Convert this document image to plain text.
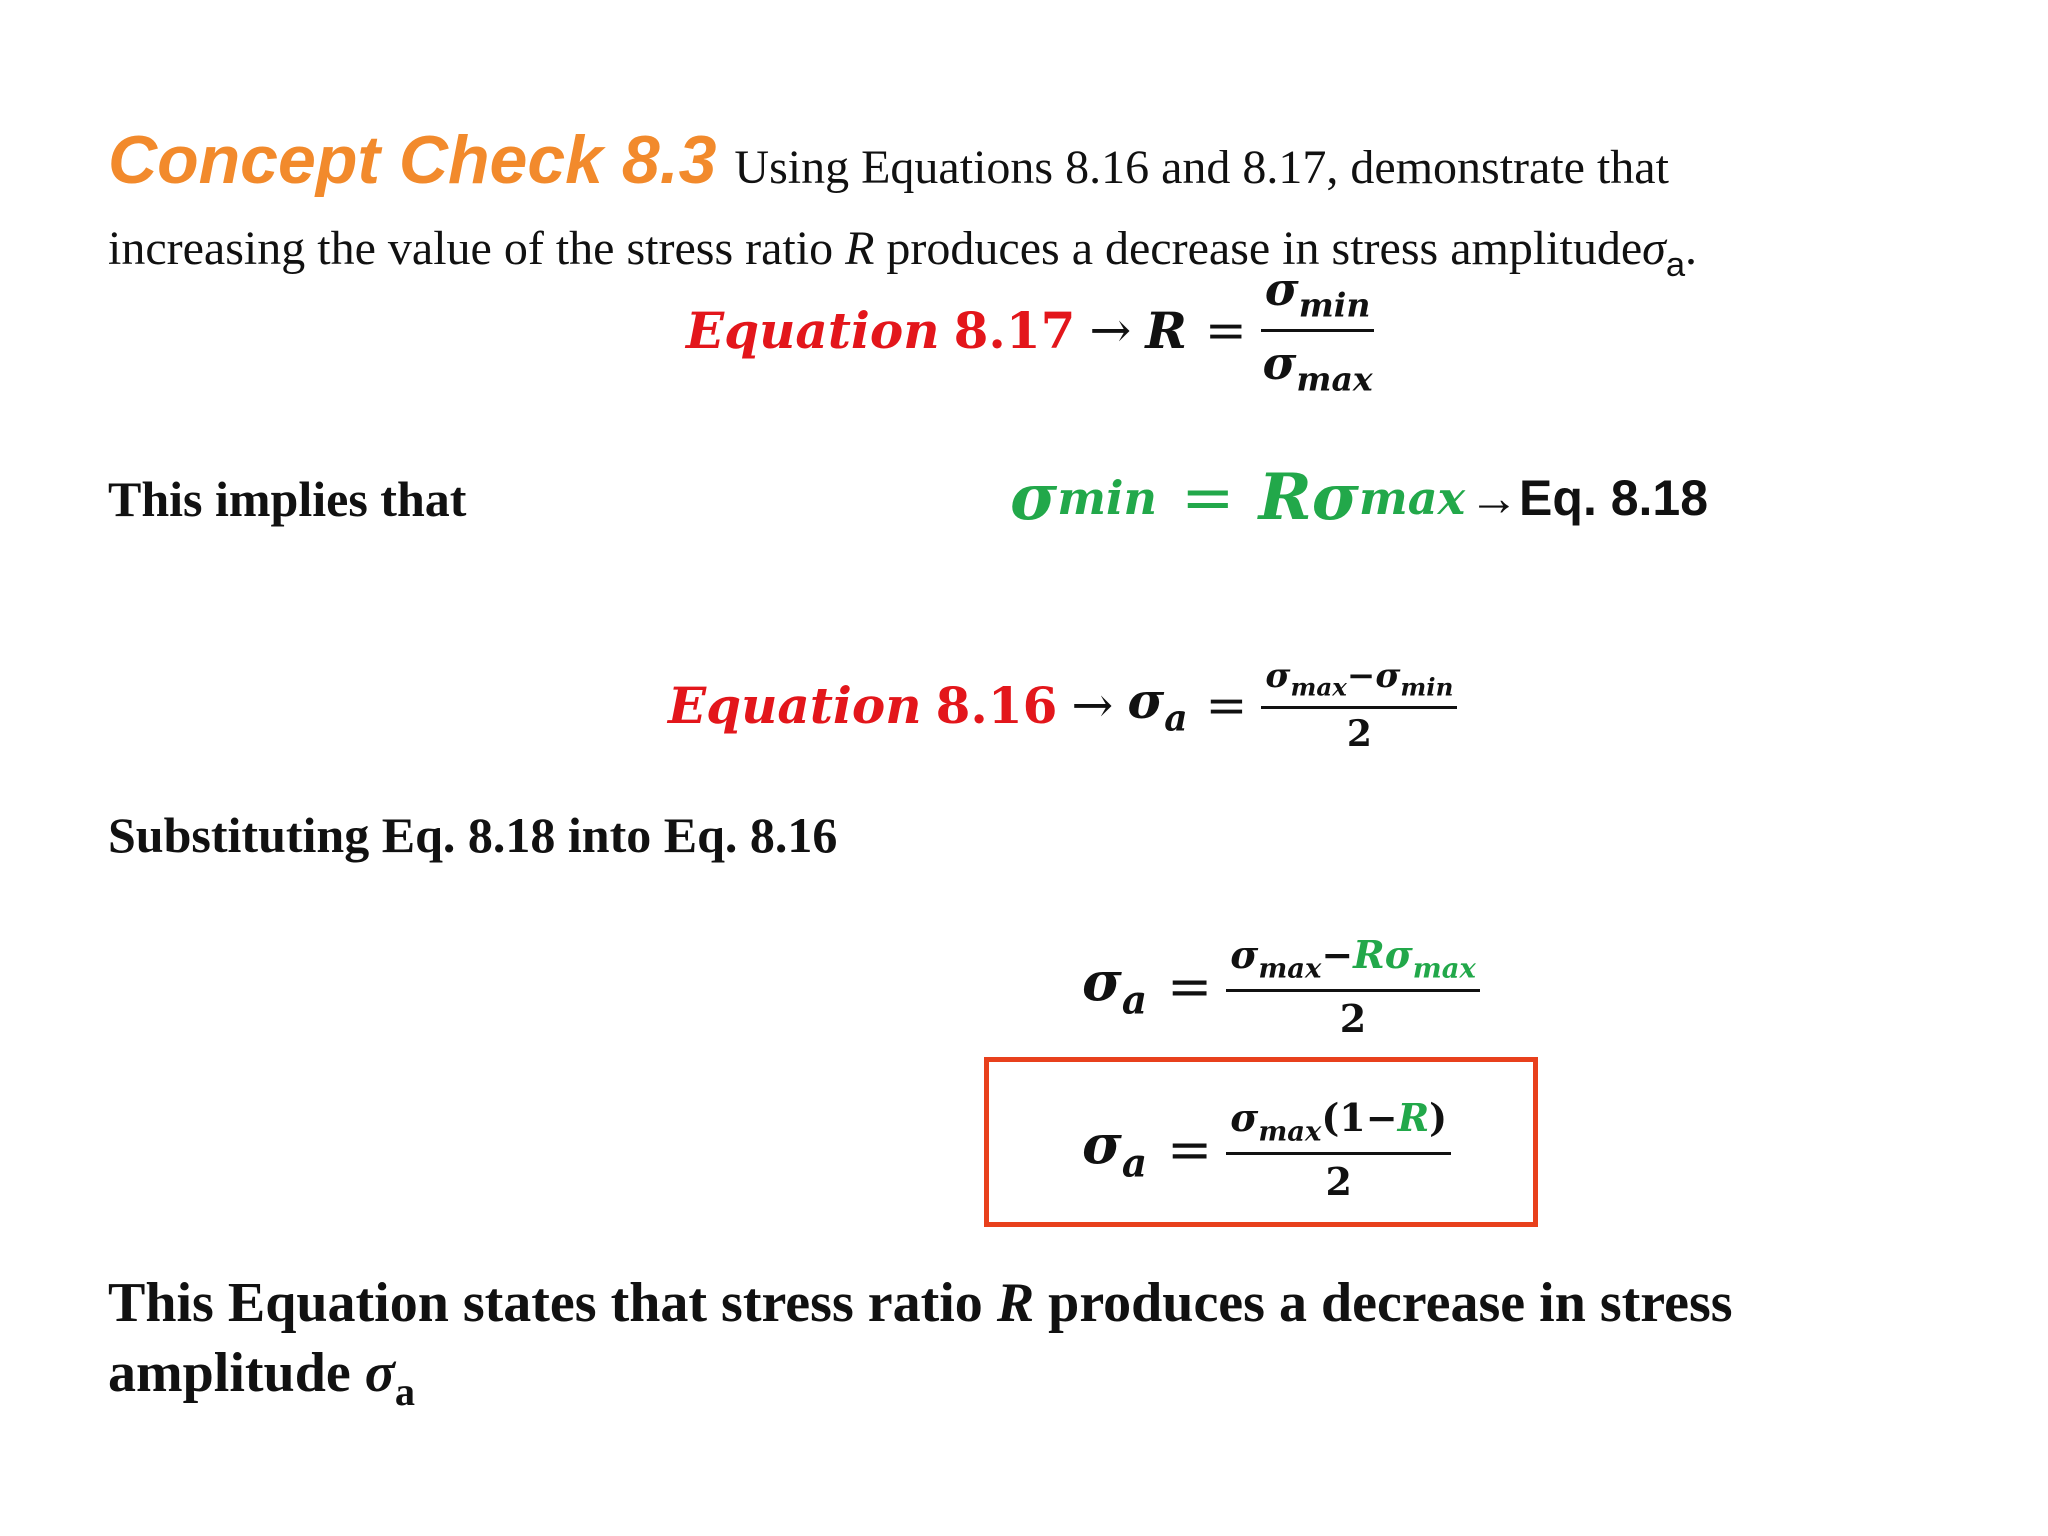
Concept Check 8.3 Using Equations 8.16 and 8.17, demonstrate that
increasing the value of the stress ratio R produces a decrease in stress amplitudeσ$_a$.
Equation $8.17 \to R = \frac{\sigma_{min}}{\sigma_{max}}$
This implies that	σ min = Rσ max →Eq. 8.18
Equation $8.16 \to \sigma_a = \frac{\sigma_{max}-\sigma_{min}}{2}$
Substituting Eq. 8.18 into Eq. 8.16
$\sigma_a = \frac{\sigma_{max}-R\sigma_{max}}{2}$
$\sigma_a = \frac{\sigma_{max}(1-R)}{2}$
This Equation states that stress ratio R produces a decrease in stress
amplitude $\sigma_a$
